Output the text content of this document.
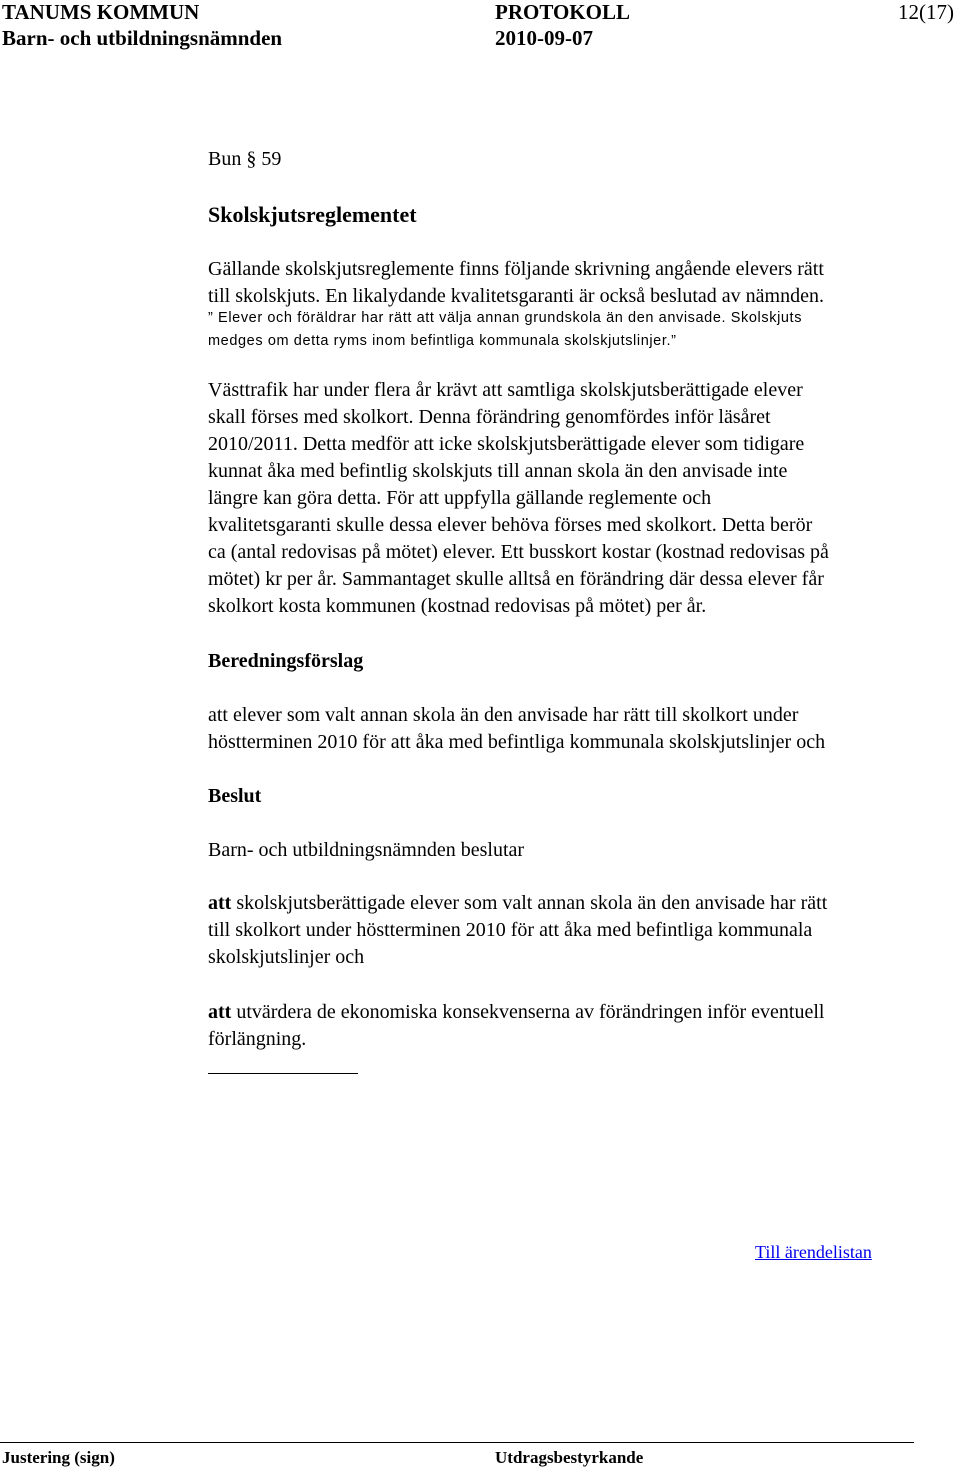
TANUMS KOMMUN	PROTOKOLL	12(17)
Barn- och utbildningsnämnden	2010-09-07
Bun § 59
Skolskjutsreglementet
Gällande skolskjutsreglemente finns följande skrivning angående elevers rätt
till skolskjuts. En likalydande kvalitetsgaranti är också beslutad av nämnden.
” Elever och föräldrar har rätt att välja annan grundskola än den anvisade. Skolskjuts
medges om detta ryms inom befintliga kommunala skolskjutslinjer.”
Västtrafik har under flera år krävt att samtliga skolskjutsberättigade elever
skall förses med skolkort. Denna förändring genomfördes inför läsåret
2010/2011. Detta medför att icke skolskjutsberättigade elever som tidigare
kunnat åka med befintlig skolskjuts till annan skola än den anvisade inte
längre kan göra detta. För att uppfylla gällande reglemente och
kvalitetsgaranti skulle dessa elever behöva förses med skolkort. Detta berör
ca (antal redovisas på mötet) elever. Ett busskort kostar (kostnad redovisas på
mötet) kr per år. Sammantaget skulle alltså en förändring där dessa elever får
skolkort kosta kommunen (kostnad redovisas på mötet) per år.
Beredningsförslag
att elever som valt annan skola än den anvisade har rätt till skolkort under
höstterminen 2010 för att åka med befintliga kommunala skolskjutslinjer och
Beslut
Barn- och utbildningsnämnden beslutar
att skolskjutsberättigade elever som valt annan skola än den anvisade har rätt
till skolkort under höstterminen 2010 för att åka med befintliga kommunala
skolskjutslinjer och
att utvärdera de ekonomiska konsekvenserna av förändringen inför eventuell
förlängning.
Till ärendelistan
Justering (sign)	Utdragsbestyrkande
